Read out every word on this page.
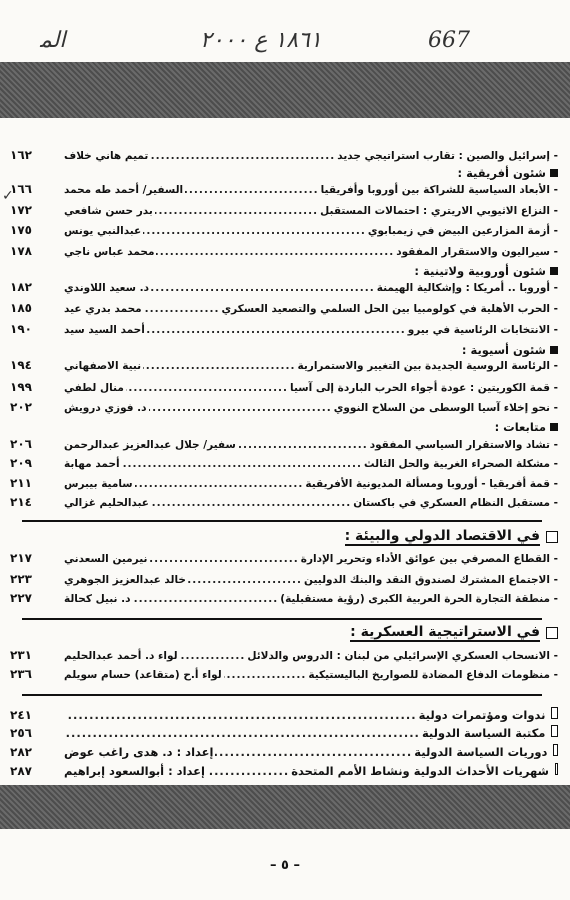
ﺍﻟﻤ	١٨٦١ ع ٢٠٠٠	667
✓
- إسرائيل والصين : تقارب استراتيجي جديد
.....
تميم هاني خلاف
١٦٢
شئون أفريقية :
- الأبعاد السياسية للشراكة بين أوروبا وأفريقيا
.....
السفير/ أحمد طه محمد
١٦٦
- النزاع الاثيوبي الاريتري : احتمالات المستقبل
.....
بدر حسن شافعي
١٧٢
- أزمة المزارعين البيض في زيمبابوي
.....
عبدالنبي يونس
١٧٥
- سيراليون والاستقرار المفقود
.....
محمد عباس ناجي
١٧٨
شئون أوروبية ولاتينية :
- أوروبا .. أمريكا : وإشكالية الهيمنة
.....
د. سعيد اللاوندي
١٨٢
- الحرب الأهلية في كولومبيا بين الحل السلمي والتصعيد العسكري
.....
محمد بدري عيد
١٨٥
- الانتخابات الرئاسية في بيرو
.....
أحمد السيد سيد
١٩٠
شئون أسيوية :
- الرئاسة الروسية الجديدة بين التغيير والاستمرارية
.....
نبية الاصفهاني
١٩٤
- قمة الكوريتين : عودة أجواء الحرب الباردة إلى آسيا
.....
منال لطفي
١٩٩
- نحو إخلاء آسيا الوسطى من السلاح النووي
.....
د. فوزي درويش
٢٠٢
متابعات :
- تشاد والاستقرار السياسي المفقود
.....
سفير/ جلال عبدالعزيز عبدالرحمن
٢٠٦
- مشكلة الصحراء الغربية والحل الثالث
.....
أحمد مهابة
٢٠٩
- قمة أفريقيا - أوروبا ومسألة المديونية الأفريقية
.....
سامية بيبرس
٢١١
- مستقبل النظام العسكري في باكستان
.....
عبدالحليم غزالي
٢١٤
في الاقتصاد الدولي والبيئة :
- القطاع المصرفي بين عوائق الأداء وتحرير الإدارة
.....
نيرمين السعدني
٢١٧
- الاجتماع المشترك لصندوق النقد والبنك الدوليين
.....
خالد عبدالعزيز الجوهري
٢٢٣
- منطقة التجارة الحرة العربية الكبرى (رؤية مستقبلية)
.....
د. نبيل كحالة
٢٢٧
في الاستراتيجية العسكرية :
- الانسحاب العسكري الإسرائيلي من لبنان : الدروس والدلائل
.....
لواء د. أحمد عبدالحليم
٢٣١
- منظومات الدفاع المضادة للصواريخ الباليستيكية
.....
لواء أ.ح (متقاعد) حسام سويلم
٢٣٦
ندوات ومؤتمرات دولية
.....
٢٤١
مكتبة السياسة الدولية
.....
٢٥٦
دوريات السياسة الدولية
.....
إعداد : د. هدى راغب عوض
٢٨٢
شهريات الأحداث الدولية ونشاط الأمم المتحدة
.....
إعداد : أبوالسعود إبراهيم
٢٨٧
– ٥ –
